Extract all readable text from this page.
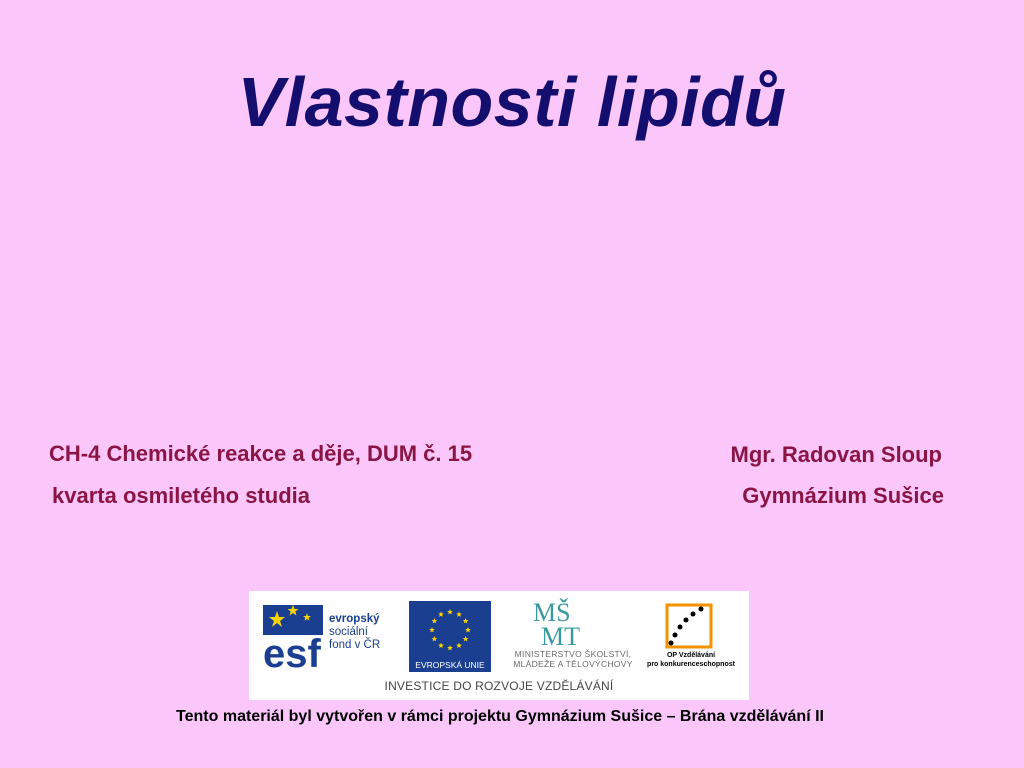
Vlastnosti lipidů
CH-4 Chemické reakce a děje, DUM č. 15
kvarta osmiletého studia
Mgr. Radovan Sloup
Gymnázium Sušice
esf
evropský
sociální
fond v ČR
EVROPSKÁ UNIE
MŠ
MT
MINISTERSTVO ŠKOLSTVÍ,
MLÁDEŽE A TĚLOVÝCHOVY
OP Vzdělávání
pro konkurenceschopnost
INVESTICE DO ROZVOJE VZDĚLÁVÁNÍ
Tento materiál byl vytvořen v rámci projektu Gymnázium Sušice – Brána vzdělávání II
